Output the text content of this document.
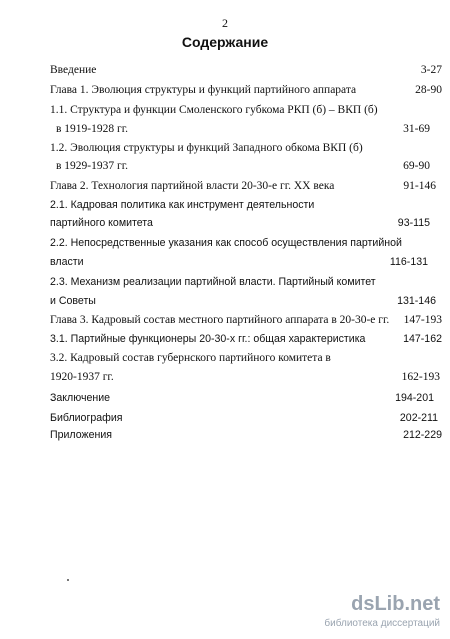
2
Содержание
Введение	3-27
Глава 1. Эволюция структуры и функций партийного аппарата	28-90
1.1. Структура и функции Смоленского губкома РКП (б) – ВКП (б)
в 1919-1928 гг.	31-69
1.2. Эволюция структуры и функций Западного обкома ВКП (б)
в 1929-1937 гг.	69-90
Глава 2. Технология партийной власти 20-30-е гг. XX века	91-146
2.1. Кадровая политика как инструмент деятельности
партийного комитета	93-115
2.2. Непосредственные указания как способ осуществления партийной
власти	116-131
2.3. Механизм реализации партийной власти. Партийный комитет
и Советы	131-146
Глава 3. Кадровый состав местного партийного аппарата в 20-30-е гг.	147-193
3.1. Партийные функционеры 20-30-х гг.: общая характеристика	147-162
3.2. Кадровый состав губернского партийного комитета в
1920-1937 гг.	162-193
Заключение	194-201
Библиография	202-211
Приложения	212-229
dsLib.net
библиотека диссертаций
